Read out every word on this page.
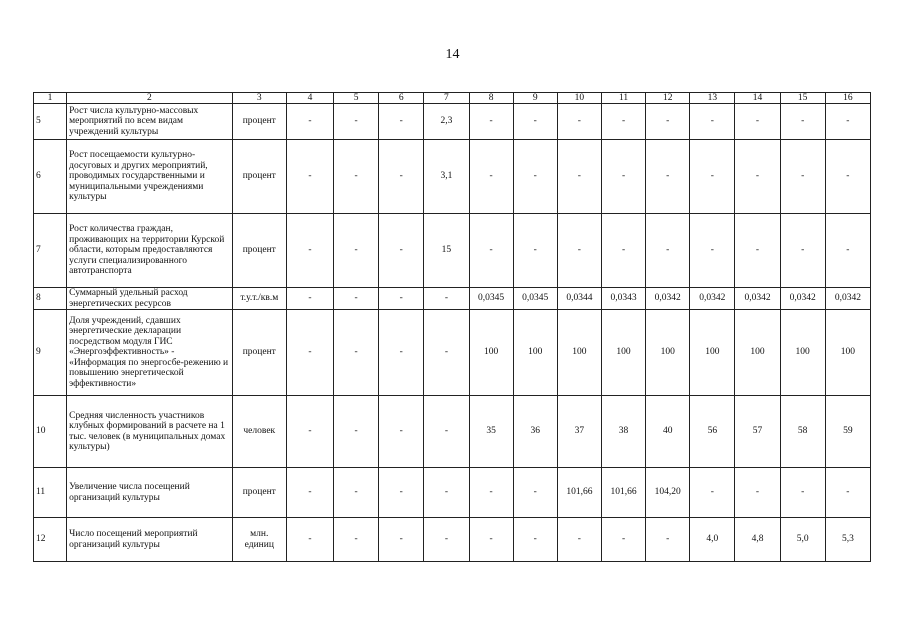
14
1	2	3	4	5	6	7	8	9	10	11	12	13	14	15	16
5	Рост числа культурно-массовых мероприятий по всем видам учреждений культуры	процент	-	-	-	2,3	-	-	-	-	-	-	-	-	-
6	Рост посещаемости культурно-досуговых и других мероприятий, проводимых государственными и муниципальными учреждениями культуры	процент	-	-	-	3,1	-	-	-	-	-	-	-	-	-
7	Рост количества граждан, проживающих на территории Курской области, которым предоставляются услуги специализированного автотранспорта	процент	-	-	-	15	-	-	-	-	-	-	-	-	-
8	Суммарный удельный расход энергетических ресурсов	т.у.т./кв.м	-	-	-	-	0,0345	0,0345	0,0344	0,0343	0,0342	0,0342	0,0342	0,0342	0,0342
9	Доля учреждений, сдавших энергетические декларации посредством модуля ГИС «Энергоэффективность» - «Информация по энергосбе-режению и повышению энергетической эффективности»	процент	-	-	-	-	100	100	100	100	100	100	100	100	100
10	Средняя численность участников клубных формирований в расчете на 1 тыс. человек (в муниципальных домах культуры)	человек	-	-	-	-	35	36	37	38	40	56	57	58	59
11	Увеличение числа посещений организаций культуры	процент	-	-	-	-	-	-	101,66	101,66	104,20	-	-	-	-
12	Число посещений мероприятий организаций культуры	млн. единиц	-	-	-	-	-	-	-	-	-	4,0	4,8	5,0	5,3
